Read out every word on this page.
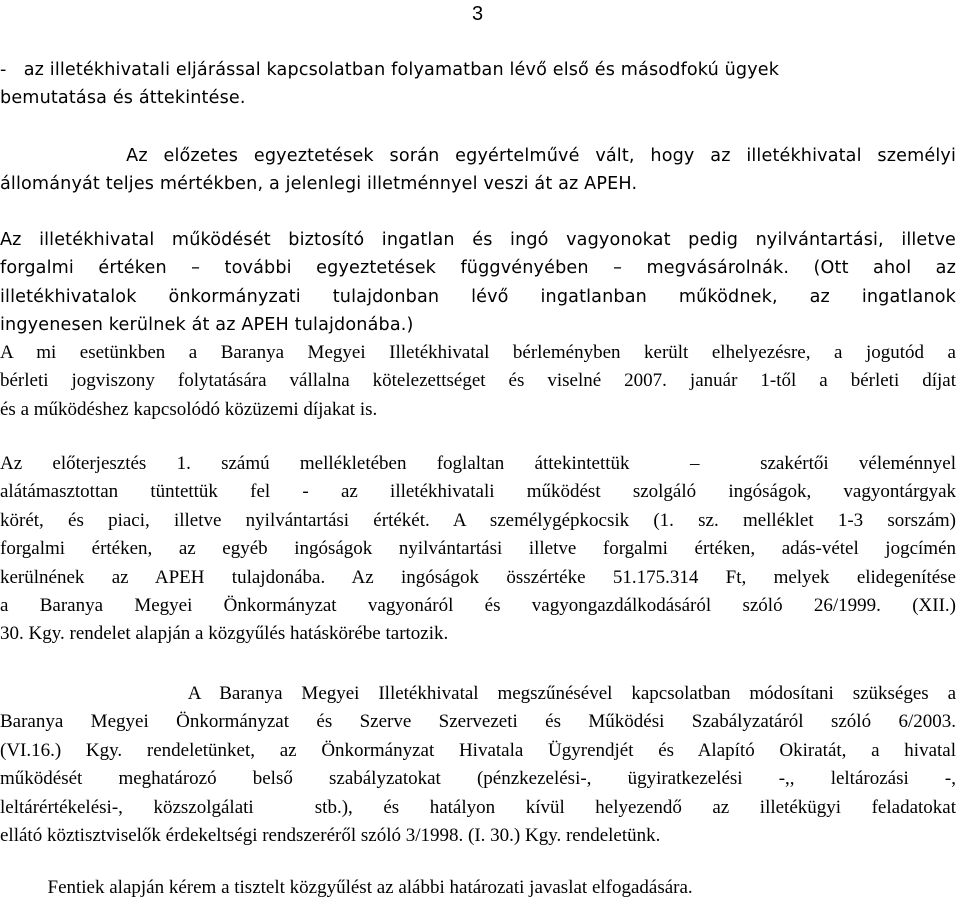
3
-   az illetékhivatali eljárással kapcsolatban folyamatban lévő első és másodfokú ügyek
bemutatása és áttekintése.
Az előzetes egyeztetések során egyértelművé vált, hogy az illetékhivatal személyi
állományát teljes mértékben, a jelenlegi illetménnyel veszi át az APEH.
Az illetékhivatal működését biztosító ingatlan és ingó vagyonokat pedig nyilvántartási, illetve
forgalmi értéken – további egyeztetések függvényében – megvásárolnák. (Ott ahol az
illetékhivatalok önkormányzati tulajdonban lévő ingatlanban működnek, az ingatlanok
ingyenesen kerülnek át az APEH tulajdonába.)
A mi esetünkben a Baranya Megyei Illetékhivatal bérleményben került elhelyezésre, a jogutód a
bérleti jogviszony folytatására vállalna kötelezettséget és viselné 2007. január 1-től a bérleti díjat
és a működéshez kapcsolódó közüzemi díjakat is.
Az előterjesztés 1. számú mellékletében foglaltan áttekintettük  –  szakértői véleménnyel
alátámasztottan tüntettük fel - az illetékhivatali működést szolgáló ingóságok, vagyontárgyak
körét, és piaci, illetve nyilvántartási értékét. A személygépkocsik (1. sz. melléklet 1-3 sorszám)
forgalmi értéken, az egyéb ingóságok nyilvántartási illetve forgalmi értéken, adás-vétel jogcímén
kerülnének az APEH tulajdonába. Az ingóságok összértéke 51.175.314 Ft, melyek elidegenítése
a Baranya Megyei Önkormányzat vagyonáról és vagyongazdálkodásáról szóló 26/1999. (XII.)
30. Kgy. rendelet alapján a közgyűlés hatáskörébe tartozik.
A Baranya Megyei Illetékhivatal megszűnésével kapcsolatban módosítani szükséges a
Baranya Megyei Önkormányzat és Szerve Szervezeti és Működési Szabályzatáról szóló 6/2003.
(VI.16.) Kgy. rendeletünket, az Önkormányzat Hivatala Ügyrendjét és Alapító Okiratát, a hivatal
működését meghatározó belső szabályzatokat (pénzkezelési-, ügyiratkezelési -,, leltározási -,
leltárértékelési-, közszolgálati  stb.), és hatályon kívül helyezendő az illetékügyi feladatokat
ellátó köztisztviselők érdekeltségi rendszeréről szóló 3/1998. (I. 30.) Kgy. rendeletünk.
Fentiek alapján kérem a tisztelt közgyűlést az alábbi határozati javaslat elfogadására.
